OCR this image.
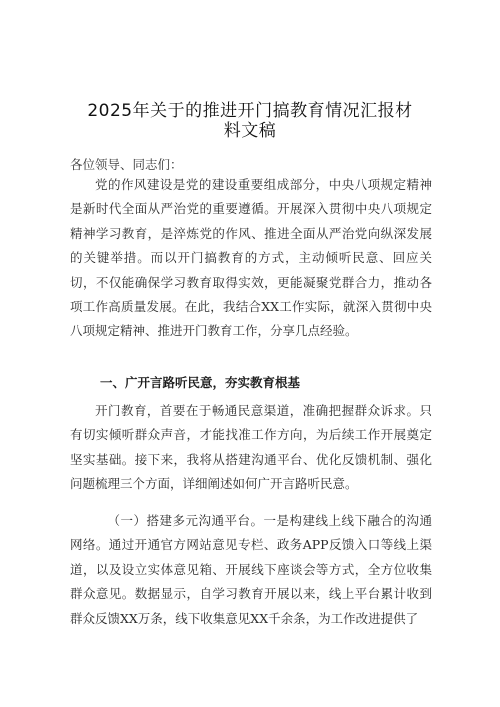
2025年关于的推进开门搞教育情况汇报材
料文稿
各位领导、同志们：

党的作风建设是党的建设重要组成部分，中央八项规定精神是新时代全面从严治党的重要遵循。开展深入贯彻中央八项规定精神学习教育，是淬炼党的作风、推进全面从严治党向纵深发展的关键举措。而以开门搞教育的方式，主动倾听民意、回应关切，不仅能确保学习教育取得实效，更能凝聚党群合力，推动各项工作高质量发展。在此，我结合XX工作实际，就深入贯彻中央八项规定精神、推进开门教育工作，分享几点经验。

一、广开言路听民意，夯实教育根基

开门教育，首要在于畅通民意渠道，准确把握群众诉求。只有切实倾听群众声音，才能找准工作方向，为后续工作开展奠定坚实基础。接下来，我将从搭建沟通平台、优化反馈机制、强化问题梳理三个方面，详细阐述如何广开言路听民意。

（一）搭建多元沟通平台。一是构建线上线下融合的沟通网络。通过开通官方网站意见专栏、政务APP反馈入口等线上渠道，以及设立实体意见箱、开展线下座谈会等方式，全方位收集群众意见。数据显示，自学习教育开展以来，线上平台累计收到群众反馈XX万条，线下收集意见XX千余条，为工作改进提供了
